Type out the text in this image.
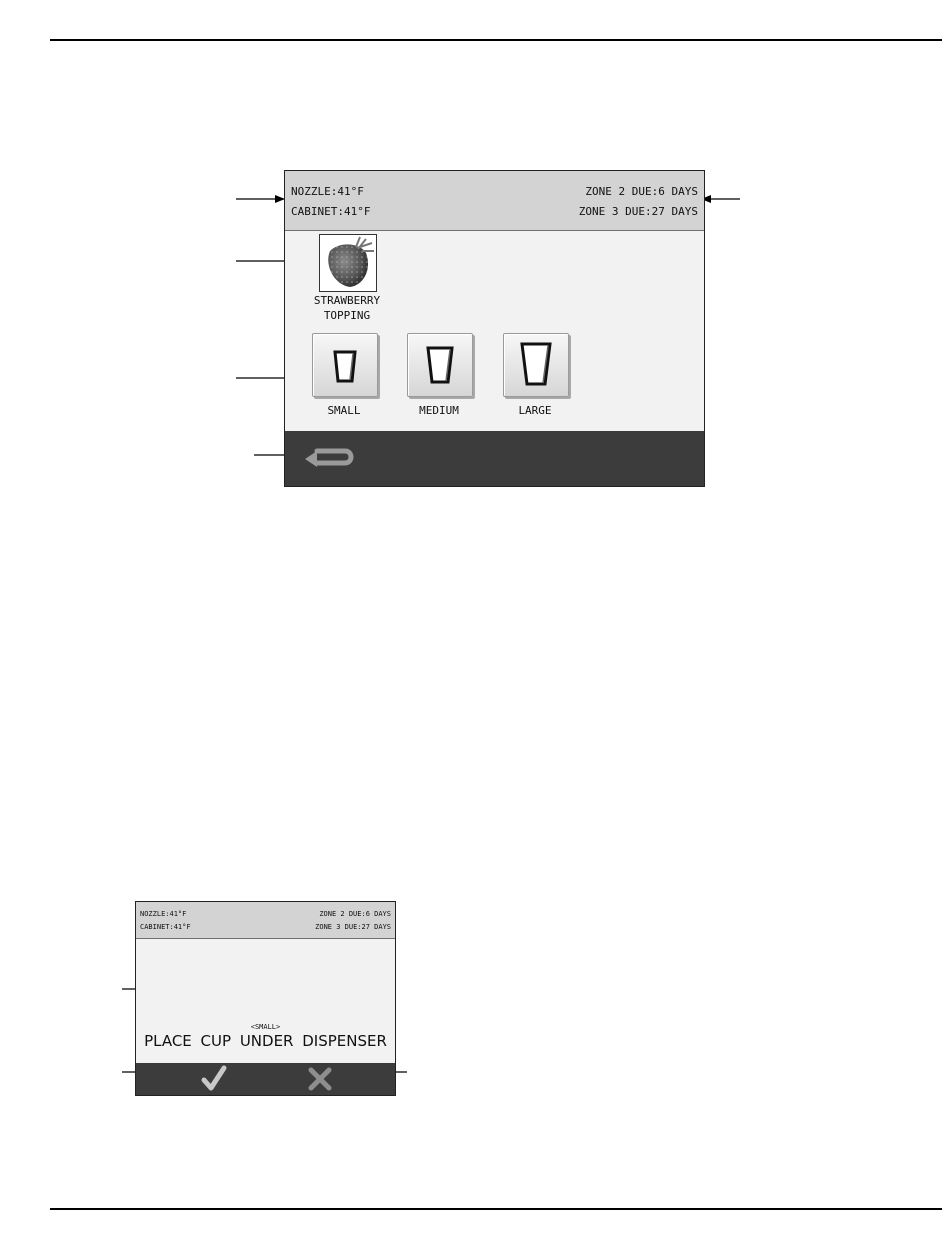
NOZZLE:41°F
CABINET:41°F
ZONE 2 DUE:6 DAYS
ZONE 3 DUE:27 DAYS
STRAWBERRY
TOPPING
SMALL	MEDIUM	LARGE
NOZZLE:41°F
CABINET:41°F
ZONE 2 DUE:6 DAYS
ZONE 3 DUE:27 DAYS
<SMALL>
PLACE CUP UNDER DISPENSER
